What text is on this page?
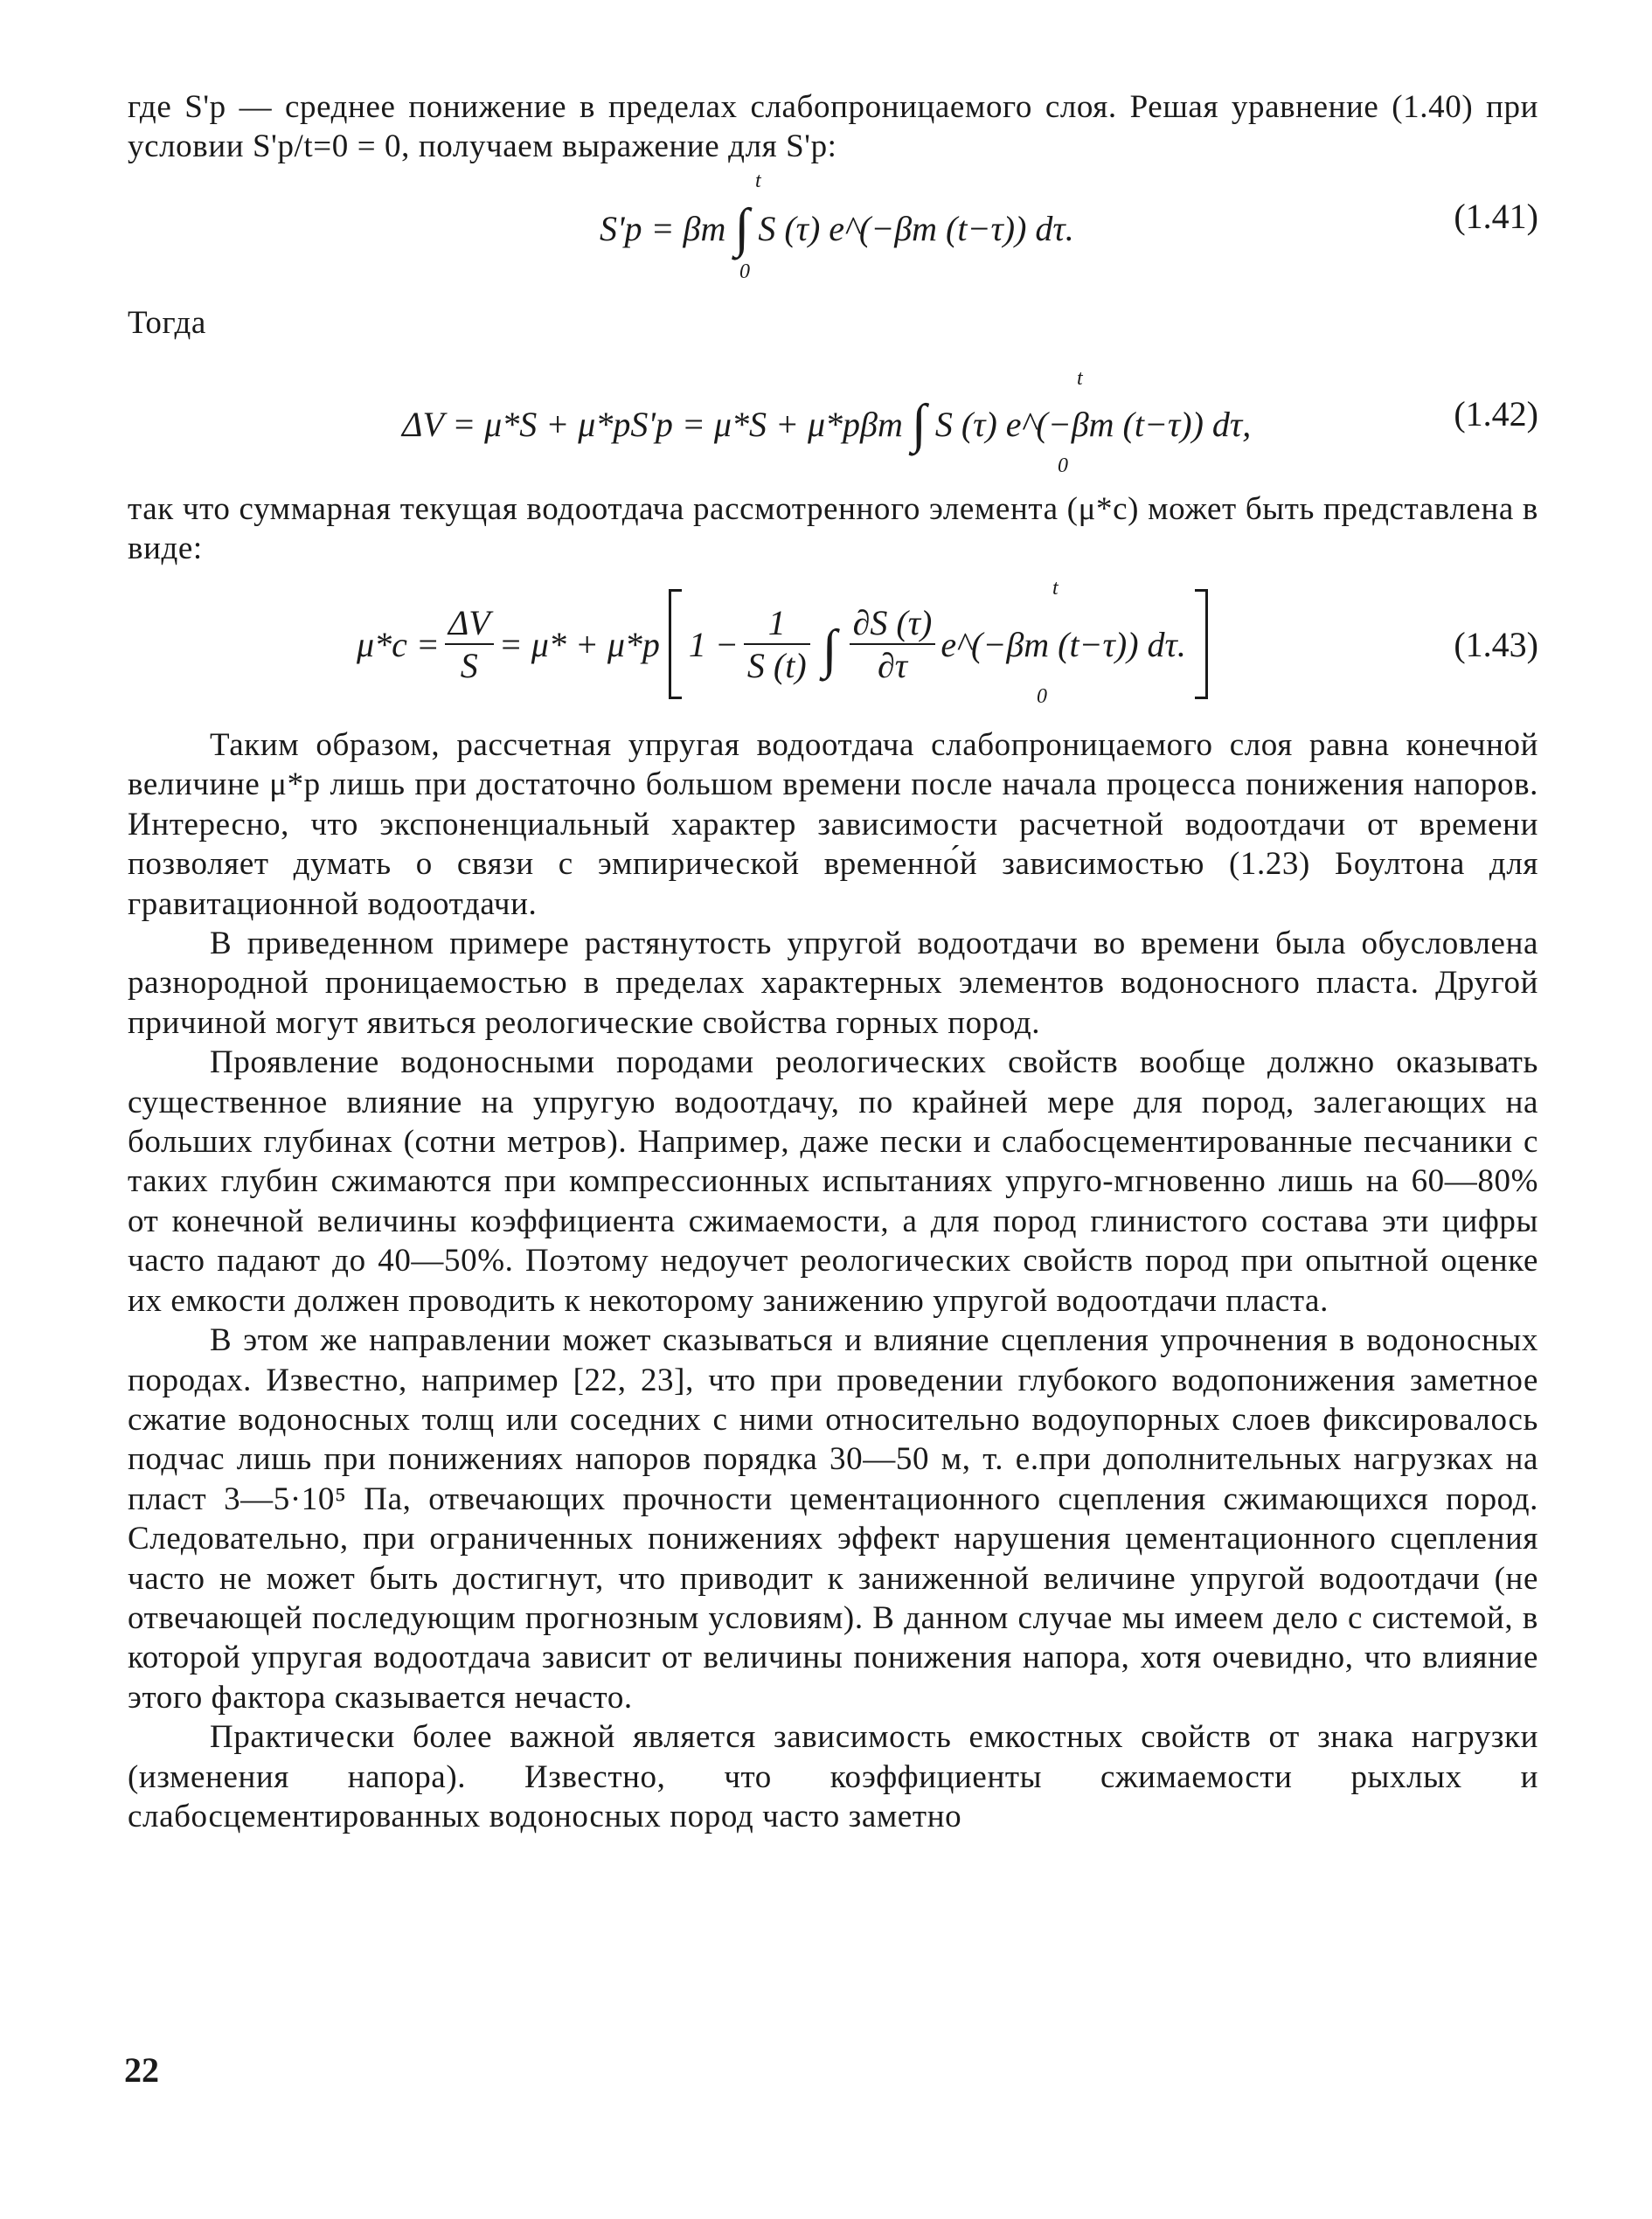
где S'p — среднее понижение в пределах слабопроницаемого слоя. Решая уравнение (1.40) при условии S'p/t=0 = 0, получаем выражение для S'p:

S'p = βт ∫ S (τ) e^(−βт (t−τ)) dτ.
t
0
(1.41)

Тогда

ΔV = μ*S + μ*pS'p = μ*S + μ*pβт ∫ S (τ) e^(−βт (t−τ)) dτ,
t
0
(1.42)

так что суммарная текущая водоотдача рассмотренного элемента (μ*c) может быть представлена в виде:

$\mu*c = \frac{\Delta V}{S} = \mu* + \mu*p$ $1 - \frac{1}{S (t)}$ ∫ $\frac{\partial S (\tau)}{\partial\tau}$ e^(−βт (t−τ)) dτ.
t
0
(1.43)

Таким образом, рассчетная упругая водоотдача слабопроницаемого слоя равна конечной величине μ*p лишь при достаточно большом времени после начала процесса понижения напоров. Интересно, что экспоненциальный характер зависимости расчетной водоотдачи от времени позволяет думать о связи с эмпирической временно́й зависимостью (1.23) Боултона для гравитационной водоотдачи.

В приведенном примере растянутость упругой водоотдачи во времени была обусловлена разнородной проницаемостью в пределах характерных элементов водоносного пласта. Другой причиной могут явиться реологические свойства горных пород.

Проявление водоносными породами реологических свойств вообще должно оказывать существенное влияние на упругую водоотдачу, по крайней мере для пород, залегающих на больших глубинах (сотни метров). Например, даже пески и слабосцементированные песчаники с таких глубин сжимаются при компрессионных испытаниях упруго-мгновенно лишь на 60—80% от конечной величины коэффициента сжимаемости, а для пород глинистого состава эти цифры часто падают до 40—50%. Поэтому недоучет реологических свойств пород при опытной оценке их емкости должен проводить к некоторому занижению упругой водоотдачи пласта.

В этом же направлении может сказываться и влияние сцепления упрочнения в водоносных породах. Известно, например [22, 23], что при проведении глубокого водопонижения заметное сжатие водоносных толщ или соседних с ними относительно водоупорных слоев фиксировалось подчас лишь при понижениях напоров порядка 30—50 м, т. е.при дополнительных нагрузках на пласт 3—5·10⁵ Па, отвечающих прочности цементационного сцепления сжимающихся пород. Следовательно, при ограниченных понижениях эффект нарушения цементационного сцепления часто не может быть достигнут, что приводит к заниженной величине упругой водоотдачи (не отвечающей последующим прогнозным условиям). В данном случае мы имеем дело с системой, в которой упругая водоотдача зависит от величины понижения напора, хотя очевидно, что влияние этого фактора сказывается нечасто.

Практически более важной является зависимость емкостных свойств от знака нагрузки (изменения напора). Известно, что коэффициенты сжимаемости рыхлых и слабосцементированных водоносных пород часто заметно

22
